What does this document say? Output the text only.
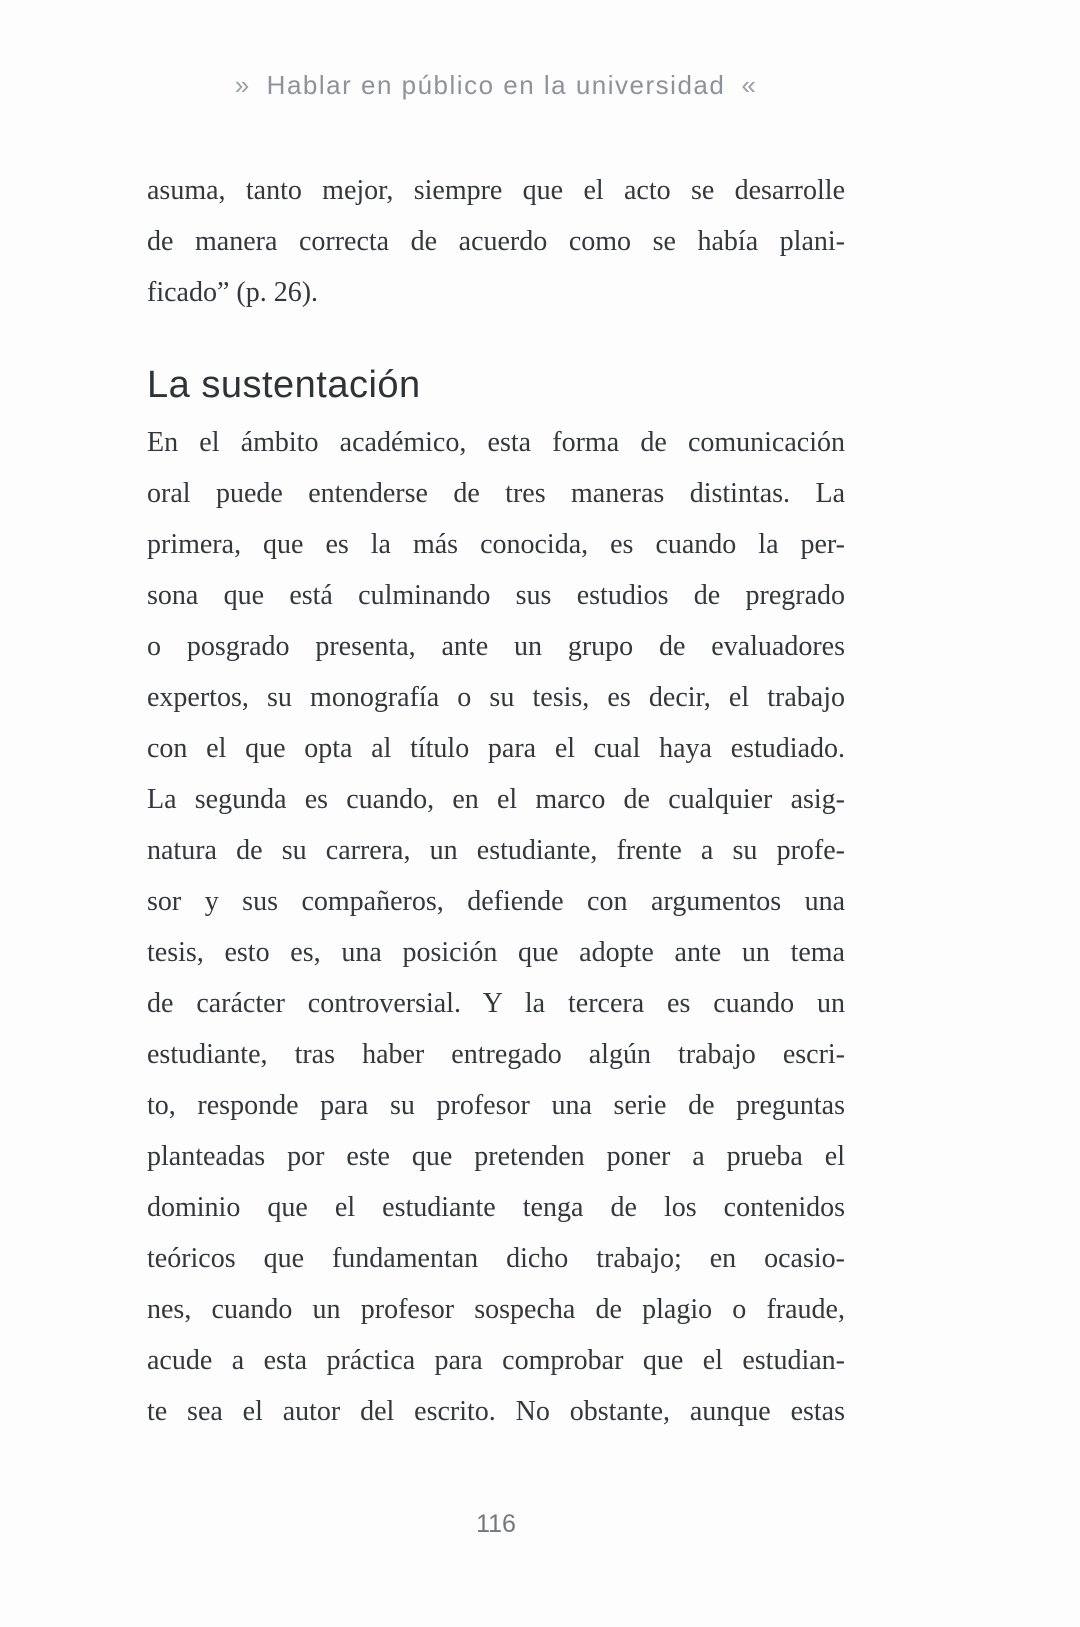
» Hablar en público en la universidad «
asuma, tanto mejor, siempre que el acto se desarrolle
de manera correcta de acuerdo como se había plani-
ficado” (p. 26).
La sustentación
En el ámbito académico, esta forma de comunicación
oral puede entenderse de tres maneras distintas. La
primera, que es la más conocida, es cuando la per-
sona que está culminando sus estudios de pregrado
o posgrado presenta, ante un grupo de evaluadores
expertos, su monografía o su tesis, es decir, el trabajo
con el que opta al título para el cual haya estudiado.
La segunda es cuando, en el marco de cualquier asig-
natura de su carrera, un estudiante, frente a su profe-
sor y sus compañeros, defiende con argumentos una
tesis, esto es, una posición que adopte ante un tema
de carácter controversial. Y la tercera es cuando un
estudiante, tras haber entregado algún trabajo escri-
to, responde para su profesor una serie de preguntas
planteadas por este que pretenden poner a prueba el
dominio que el estudiante tenga de los contenidos
teóricos que fundamentan dicho trabajo; en ocasio-
nes, cuando un profesor sospecha de plagio o fraude,
acude a esta práctica para comprobar que el estudian-
te sea el autor del escrito. No obstante, aunque estas
116
